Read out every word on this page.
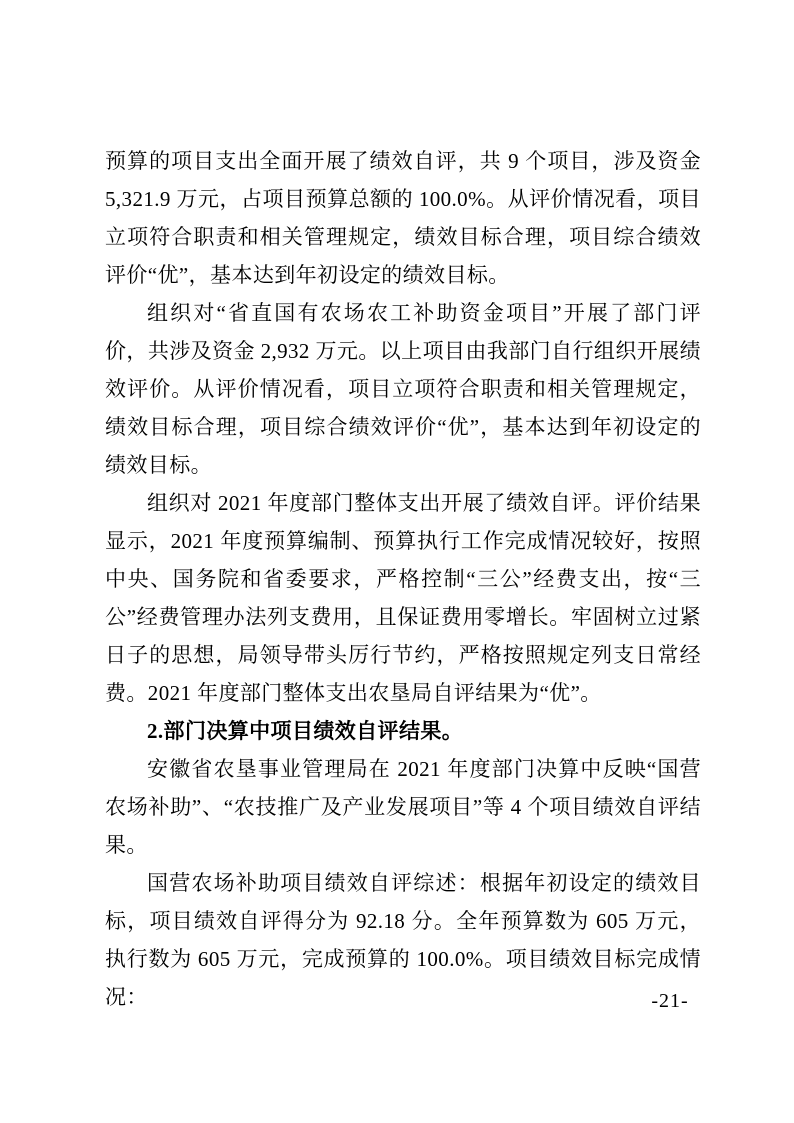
预算的项目支出全面开展了绩效自评，共 9 个项目，涉及资金 5,321.9 万元，占项目预算总额的 100.0%。从评价情况看，项目立项符合职责和相关管理规定，绩效目标合理，项目综合绩效评价“优”，基本达到年初设定的绩效目标。

组织对“省直国有农场农工补助资金项目”开展了部门评价，共涉及资金 2,932 万元。以上项目由我部门自行组织开展绩效评价。从评价情况看，项目立项符合职责和相关管理规定，绩效目标合理，项目综合绩效评价“优”，基本达到年初设定的绩效目标。

组织对 2021 年度部门整体支出开展了绩效自评。评价结果显示，2021 年度预算编制、预算执行工作完成情况较好，按照中央、国务院和省委要求，严格控制“三公”经费支出，按“三公”经费管理办法列支费用，且保证费用零增长。牢固树立过紧日子的思想，局领导带头厉行节约，严格按照规定列支日常经费。2021 年度部门整体支出农垦局自评结果为“优”。

2.部门决算中项目绩效自评结果。

安徽省农垦事业管理局在 2021 年度部门决算中反映“国营农场补助”、“农技推广及产业发展项目”等 4 个项目绩效自评结果。

国营农场补助项目绩效自评综述：根据年初设定的绩效目标，项目绩效自评得分为 92.18 分。全年预算数为 605 万元，执行数为 605 万元，完成预算的 100.0%。项目绩效目标完成情况：	-21-
